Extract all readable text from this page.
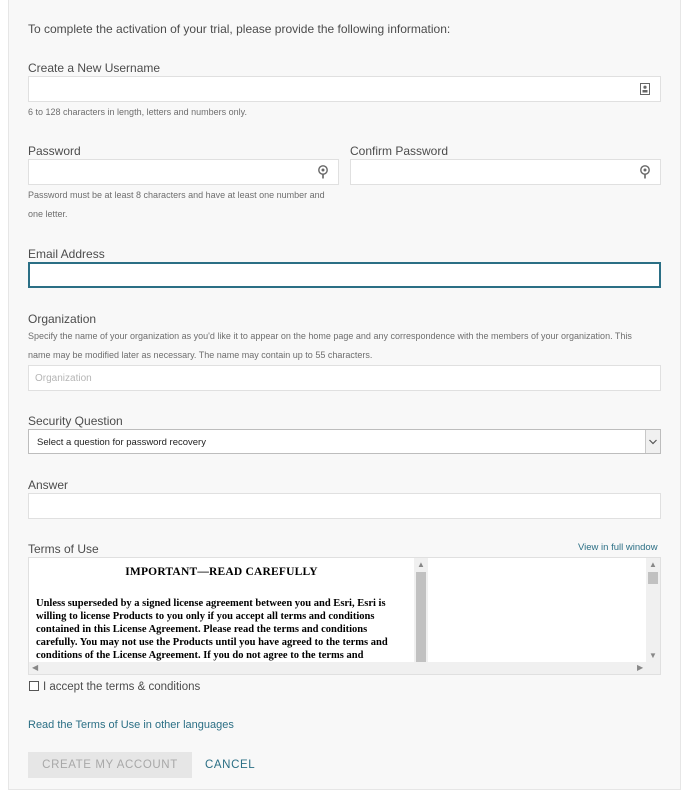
To complete the activation of your trial, please provide the following information:
Create a New Username
6 to 128 characters in length, letters and numbers only.
Password
Password must be at least 8 characters and have at least one number and
one letter.
Confirm Password
Email Address
Organization
Specify the name of your organization as you'd like it to appear on the home page and any correspondence with the members of your organization. This
name may be modified later as necessary. The name may contain up to 55 characters.
Organization
Security Question
Select a question for password recovery
Answer
Terms of Use	View in full window
IMPORTANT—READ CAREFULLY
Unless superseded by a signed license agreement between you and Esri, Esri is willing to license Products to you only if you accept all terms and conditions contained in this License Agreement. Please read the terms and conditions carefully. You may not use the Products until you have agreed to the terms and conditions of the License Agreement. If you do not agree to the terms and
▲	▲
▼
◀	▶
I accept the terms & conditions
Read the Terms of Use in other languages
CREATE MY ACCOUNT	CANCEL
